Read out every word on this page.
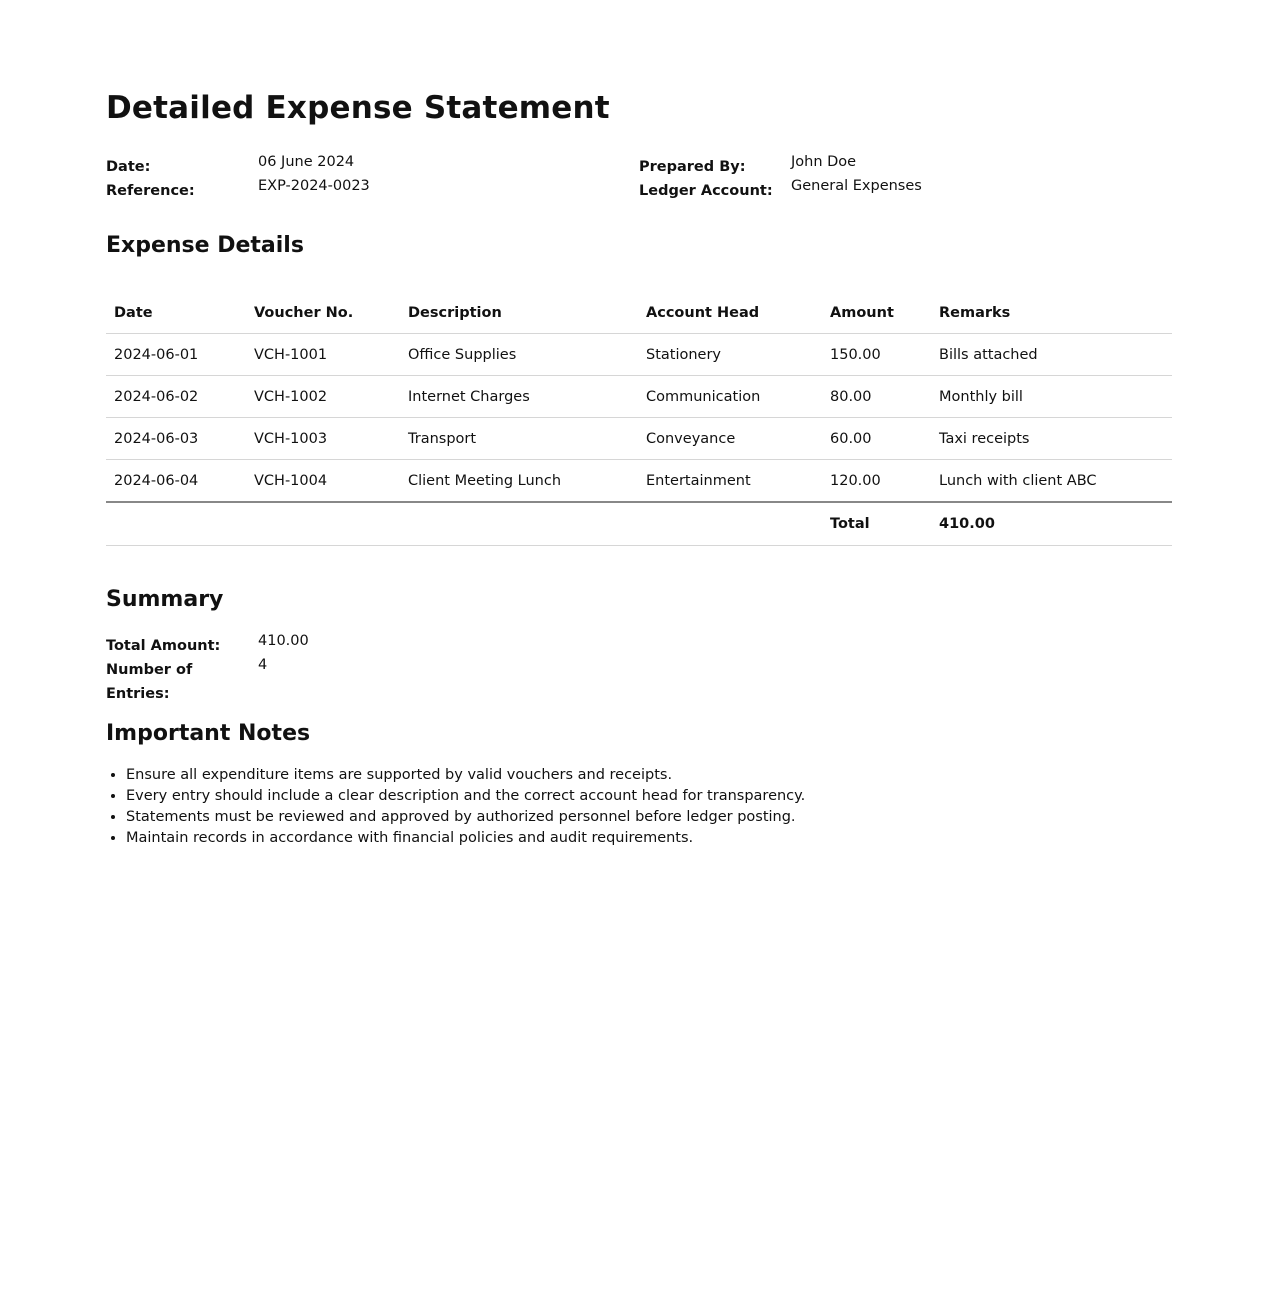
Detailed Expense Statement
Date:	06 June 2024
Reference:	EXP-2024-0023
Prepared By:	John Doe
Ledger Account:	General Expenses
Expense Details
Date	Voucher No.	Description	Account Head	Amount	Remarks
2024-06-01	VCH-1001	Office Supplies	Stationery	150.00	Bills attached
2024-06-02	VCH-1002	Internet Charges	Communication	80.00	Monthly bill
2024-06-03	VCH-1003	Transport	Conveyance	60.00	Taxi receipts
2024-06-04	VCH-1004	Client Meeting Lunch	Entertainment	120.00	Lunch with client ABC
				Total	410.00
Summary
Total Amount:	410.00
Number of Entries:
4
Important Notes
• Ensure all expenditure items are supported by valid vouchers and receipts.
• Every entry should include a clear description and the correct account head for transparency.
• Statements must be reviewed and approved by authorized personnel before ledger posting.
• Maintain records in accordance with financial policies and audit requirements.
